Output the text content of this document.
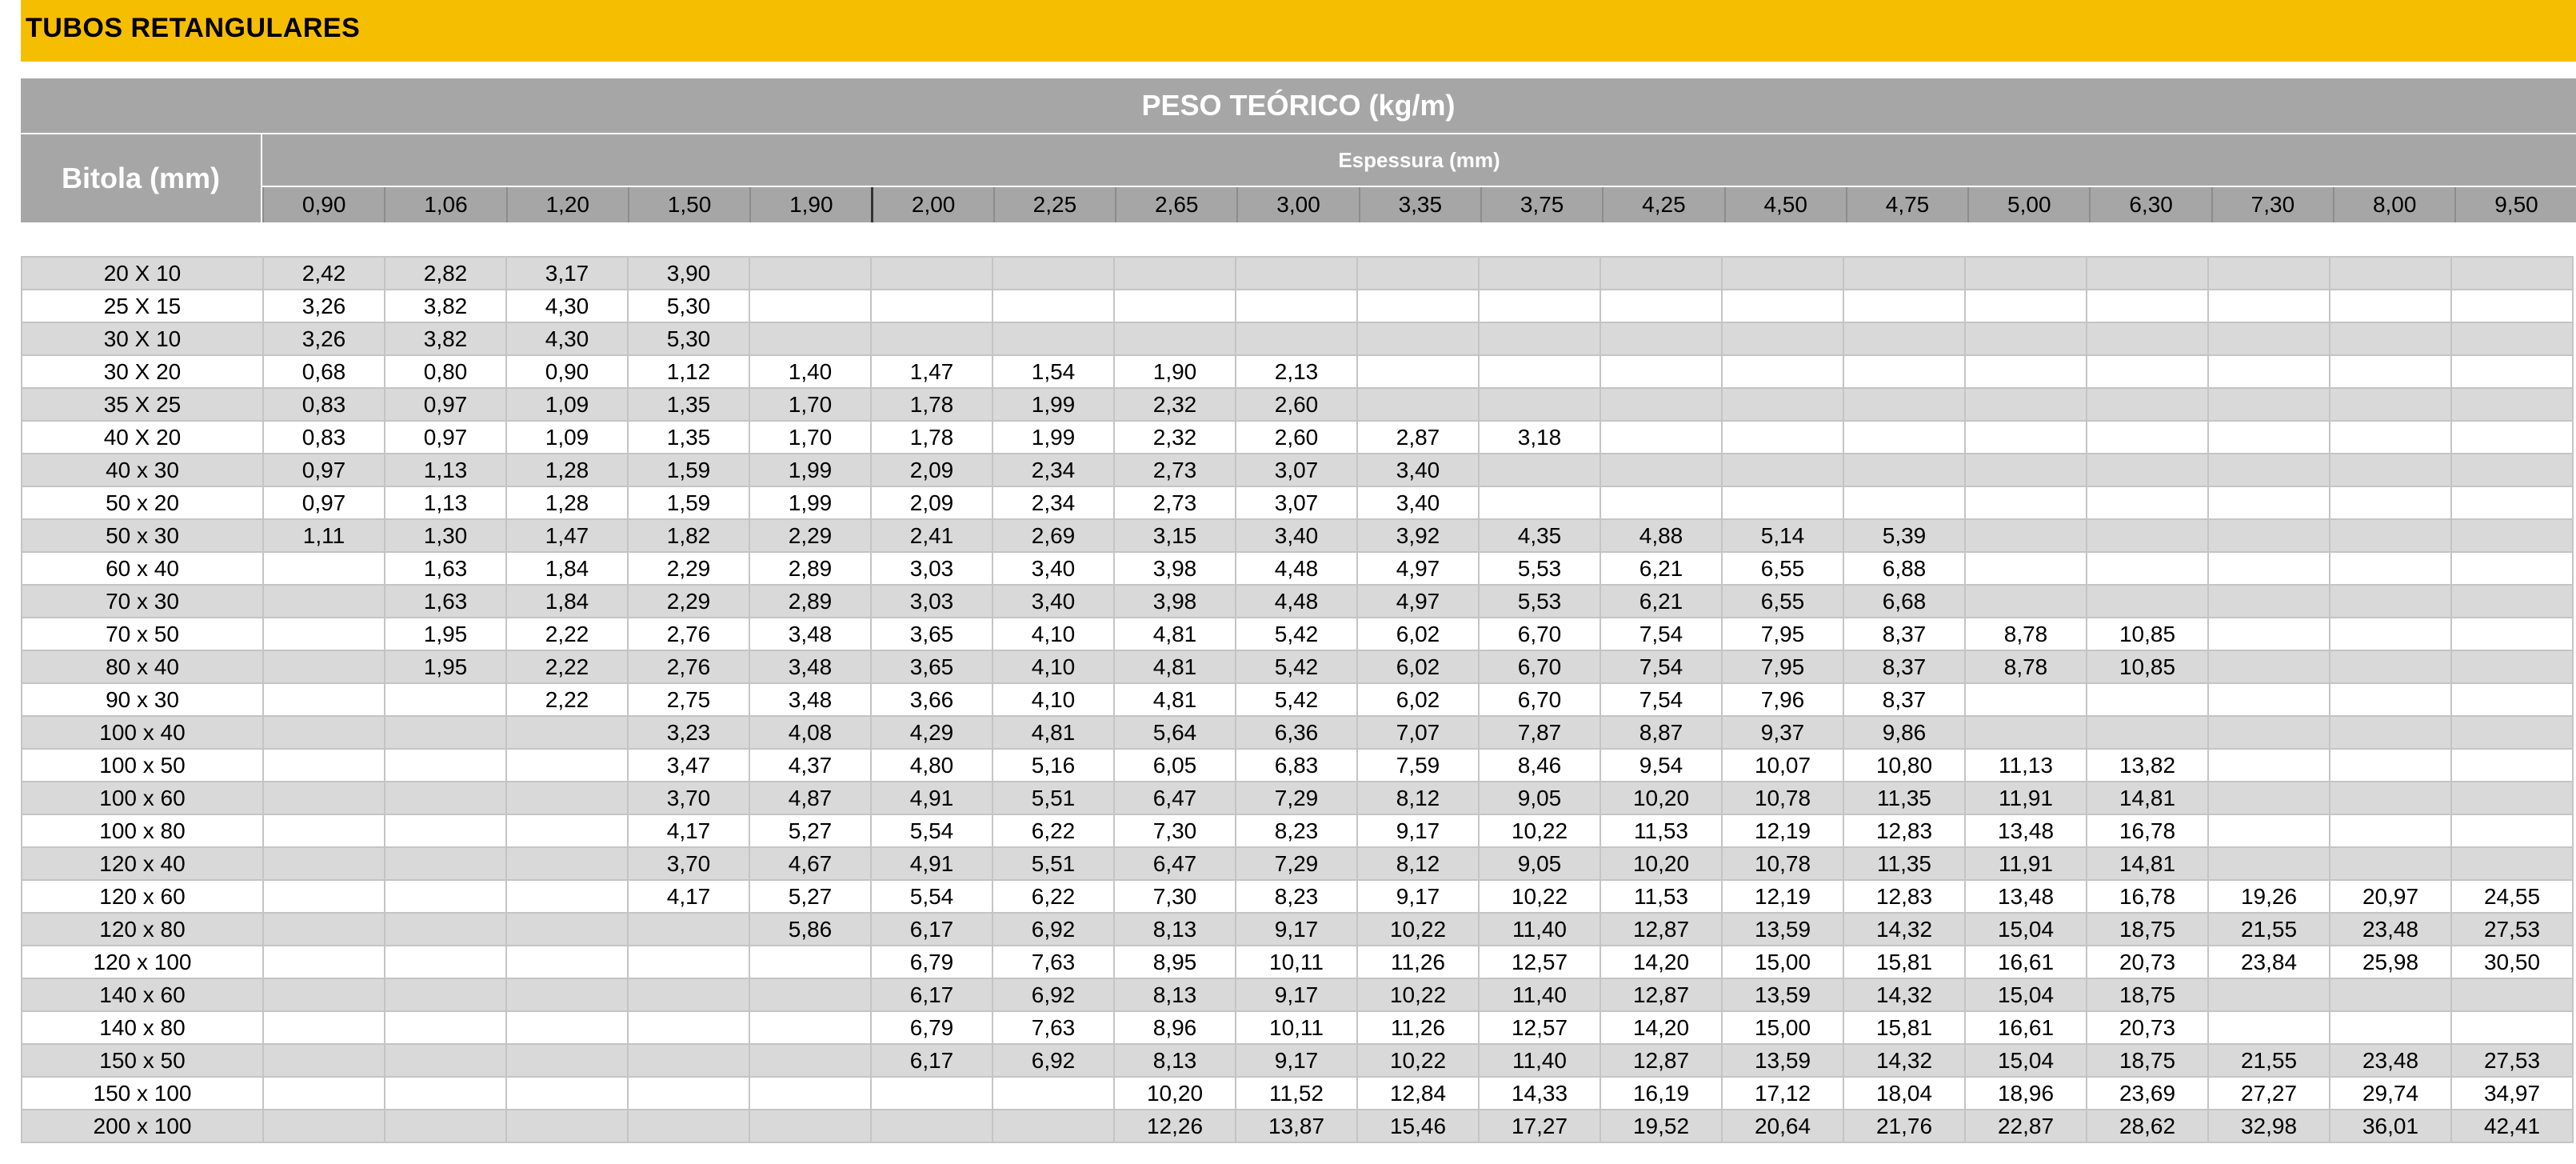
TUBOS RETANGULARES
PESO TEÓRICO (kg/m)
Bitola (mm)
Espessura (mm)
0,90	1,06	1,20	1,50	1,90	2,00	2,25	2,65	3,00	3,35	3,75	4,25	4,50	4,75	5,00	6,30	7,30	8,00	9,50
20 X 10	2,42	2,82	3,17	3,90															
25 X 15	3,26	3,82	4,30	5,30															
30 X 10	3,26	3,82	4,30	5,30															
30 X 20	0,68	0,80	0,90	1,12	1,40	1,47	1,54	1,90	2,13										
35 X 25	0,83	0,97	1,09	1,35	1,70	1,78	1,99	2,32	2,60										
40 X 20	0,83	0,97	1,09	1,35	1,70	1,78	1,99	2,32	2,60	2,87	3,18								
40 x 30	0,97	1,13	1,28	1,59	1,99	2,09	2,34	2,73	3,07	3,40									
50 x 20	0,97	1,13	1,28	1,59	1,99	2,09	2,34	2,73	3,07	3,40									
50 x 30	1,11	1,30	1,47	1,82	2,29	2,41	2,69	3,15	3,40	3,92	4,35	4,88	5,14	5,39					
60 x 40		1,63	1,84	2,29	2,89	3,03	3,40	3,98	4,48	4,97	5,53	6,21	6,55	6,88					
70 x 30		1,63	1,84	2,29	2,89	3,03	3,40	3,98	4,48	4,97	5,53	6,21	6,55	6,68					
70 x 50		1,95	2,22	2,76	3,48	3,65	4,10	4,81	5,42	6,02	6,70	7,54	7,95	8,37	8,78	10,85			
80 x 40		1,95	2,22	2,76	3,48	3,65	4,10	4,81	5,42	6,02	6,70	7,54	7,95	8,37	8,78	10,85			
90 x 30			2,22	2,75	3,48	3,66	4,10	4,81	5,42	6,02	6,70	7,54	7,96	8,37					
100 x 40				3,23	4,08	4,29	4,81	5,64	6,36	7,07	7,87	8,87	9,37	9,86					
100 x 50				3,47	4,37	4,80	5,16	6,05	6,83	7,59	8,46	9,54	10,07	10,80	11,13	13,82			
100 x 60				3,70	4,87	4,91	5,51	6,47	7,29	8,12	9,05	10,20	10,78	11,35	11,91	14,81			
100 x 80				4,17	5,27	5,54	6,22	7,30	8,23	9,17	10,22	11,53	12,19	12,83	13,48	16,78			
120 x 40				3,70	4,67	4,91	5,51	6,47	7,29	8,12	9,05	10,20	10,78	11,35	11,91	14,81			
120 x 60				4,17	5,27	5,54	6,22	7,30	8,23	9,17	10,22	11,53	12,19	12,83	13,48	16,78	19,26	20,97	24,55
120 x 80					5,86	6,17	6,92	8,13	9,17	10,22	11,40	12,87	13,59	14,32	15,04	18,75	21,55	23,48	27,53
120 x 100						6,79	7,63	8,95	10,11	11,26	12,57	14,20	15,00	15,81	16,61	20,73	23,84	25,98	30,50
140 x 60						6,17	6,92	8,13	9,17	10,22	11,40	12,87	13,59	14,32	15,04	18,75			
140 x 80						6,79	7,63	8,96	10,11	11,26	12,57	14,20	15,00	15,81	16,61	20,73			
150 x 50						6,17	6,92	8,13	9,17	10,22	11,40	12,87	13,59	14,32	15,04	18,75	21,55	23,48	27,53
150 x 100								10,20	11,52	12,84	14,33	16,19	17,12	18,04	18,96	23,69	27,27	29,74	34,97
200 x 100								12,26	13,87	15,46	17,27	19,52	20,64	21,76	22,87	28,62	32,98	36,01	42,41
